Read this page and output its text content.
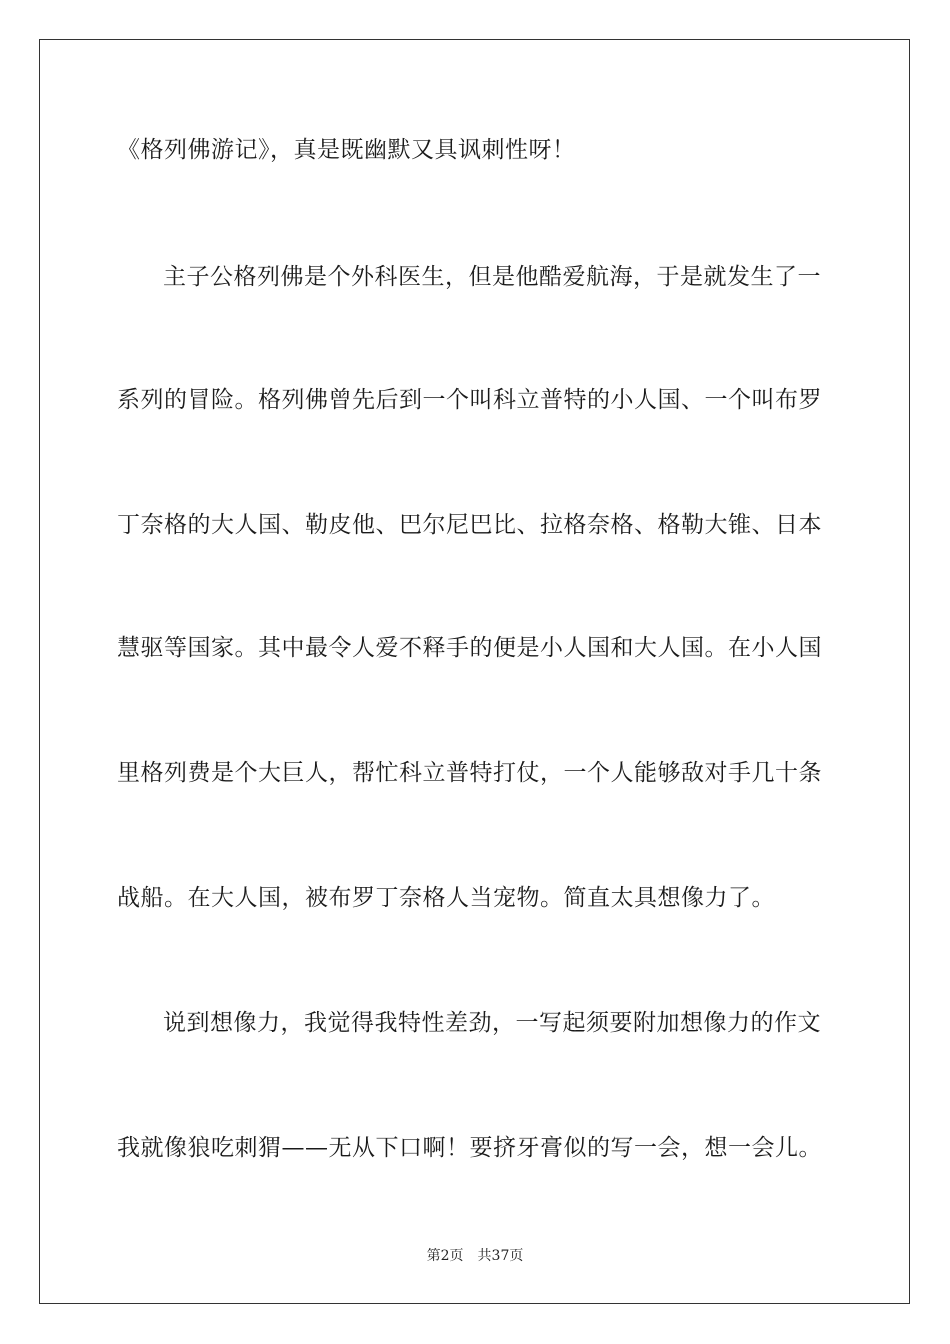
《格列佛游记》，真是既幽默又具讽刺性呀！
主子公格列佛是个外科医生，但是他酷爱航海，于是就发生了一
系列的冒险。格列佛曾先后到一个叫科立普特的小人国、一个叫布罗
丁奈格的大人国、勒皮他、巴尔尼巴比、拉格奈格、格勒大锥、日本
慧驱等国家。其中最令人爱不释手的便是小人国和大人国。在小人国
里格列费是个大巨人，帮忙科立普特打仗，一个人能够敌对手几十条
战船。在大人国，被布罗丁奈格人当宠物。简直太具想像力了。
说到想像力，我觉得我特性差劲，一写起须要附加想像力的作文
我就像狼吃刺猬——无从下口啊！要挤牙膏似的写一会，想一会儿。
第2页 共37页
